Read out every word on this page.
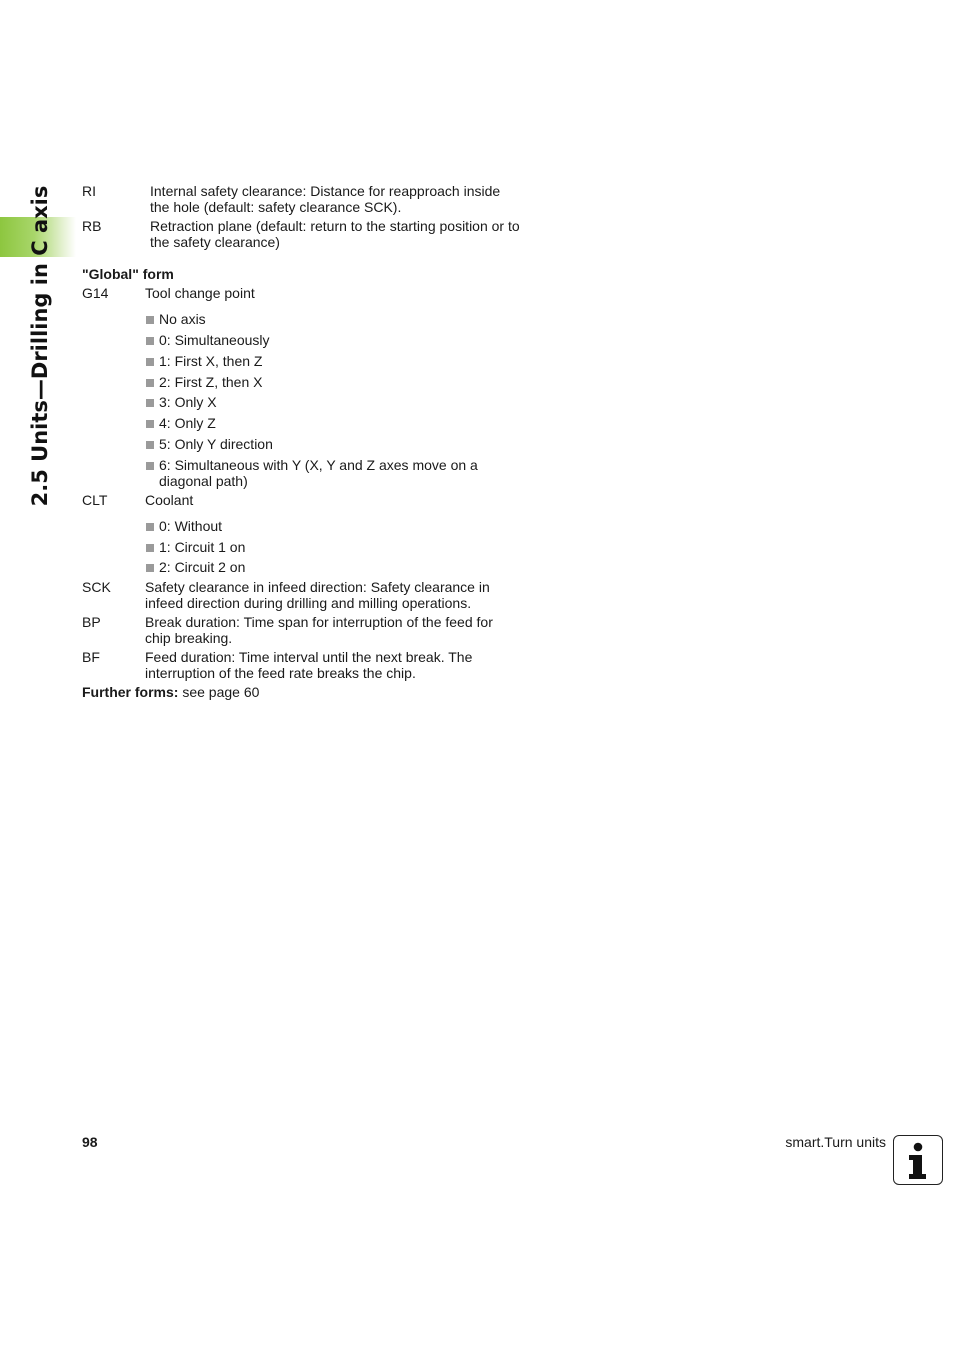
2.5 Units—Drilling in C axis RI	Internal safety clearance: Distance for reapproach inside the hole (default: safety clearance SCK).
RB	Retraction plane (default: return to the starting position or to the safety clearance)
"Global" form
G14	Tool change point
No axis
0: Simultaneously
1: First X, then Z
2: First Z, then X
3: Only X
4: Only Z
5: Only Y direction
6: Simultaneous with Y (X, Y and Z axes move on a diagonal path)
CLT	Coolant
0: Without
1: Circuit 1 on
2: Circuit 2 on
SCK Safety clearance in infeed direction: Safety clearance in infeed direction during drilling and milling operations.
BP	Break duration: Time span for interruption of the feed for chip breaking.
BF	Feed duration: Time interval until the next break. The interruption of the feed rate breaks the chip.
Further forms: see page 60
98	smart.Turn units
